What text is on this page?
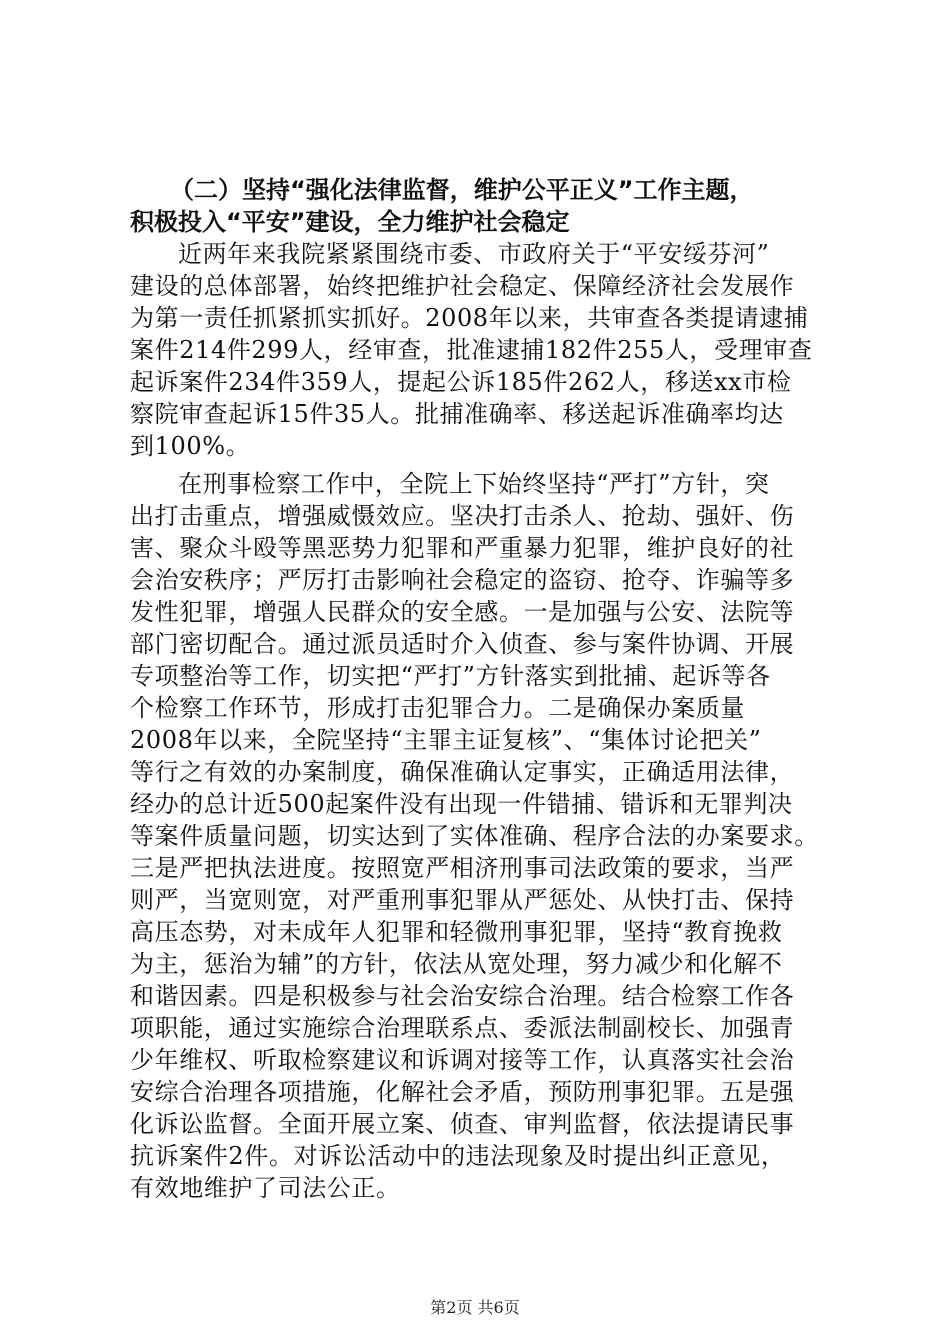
（二）坚持“强化法律监督，维护公平正义”工作主题，
积极投入“平安”建设，全力维护社会稳定

近两年来我院紧紧围绕市委、市政府关于“平安绥芬河”
建设的总体部署，始终把维护社会稳定、保障经济社会发展作
为第一责任抓紧抓实抓好。2008年以来，共审查各类提请逮捕
案件214件299人，经审查，批准逮捕182件255人，受理审查
起诉案件234件359人，提起公诉185件262人，移送xx市检
察院审查起诉15件35人。批捕准确率、移送起诉准确率均达
到100%。

在刑事检察工作中，全院上下始终坚持“严打”方针，突
出打击重点，增强威慑效应。坚决打击杀人、抢劫、强奸、伤
害、聚众斗殴等黑恶势力犯罪和严重暴力犯罪，维护良好的社
会治安秩序；严厉打击影响社会稳定的盗窃、抢夺、诈骗等多
发性犯罪，增强人民群众的安全感。一是加强与公安、法院等
部门密切配合。通过派员适时介入侦查、参与案件协调、开展
专项整治等工作，切实把“严打”方针落实到批捕、起诉等各
个检察工作环节，形成打击犯罪合力。二是确保办案质量
2008年以来，全院坚持“主罪主证复核”、“集体讨论把关”
等行之有效的办案制度，确保准确认定事实，正确适用法律，
经办的总计近500起案件没有出现一件错捕、错诉和无罪判决
等案件质量问题，切实达到了实体准确、程序合法的办案要求。
三是严把执法进度。按照宽严相济刑事司法政策的要求，当严
则严，当宽则宽，对严重刑事犯罪从严惩处、从快打击、保持
高压态势，对未成年人犯罪和轻微刑事犯罪，坚持“教育挽救
为主，惩治为辅”的方针，依法从宽处理，努力减少和化解不
和谐因素。四是积极参与社会治安综合治理。结合检察工作各
项职能，通过实施综合治理联系点、委派法制副校长、加强青
少年维权、听取检察建议和诉调对接等工作，认真落实社会治
安综合治理各项措施，化解社会矛盾，预防刑事犯罪。五是强
化诉讼监督。全面开展立案、侦查、审判监督，依法提请民事
抗诉案件2件。对诉讼活动中的违法现象及时提出纠正意见，
有效地维护了司法公正。

第2页 共6页
